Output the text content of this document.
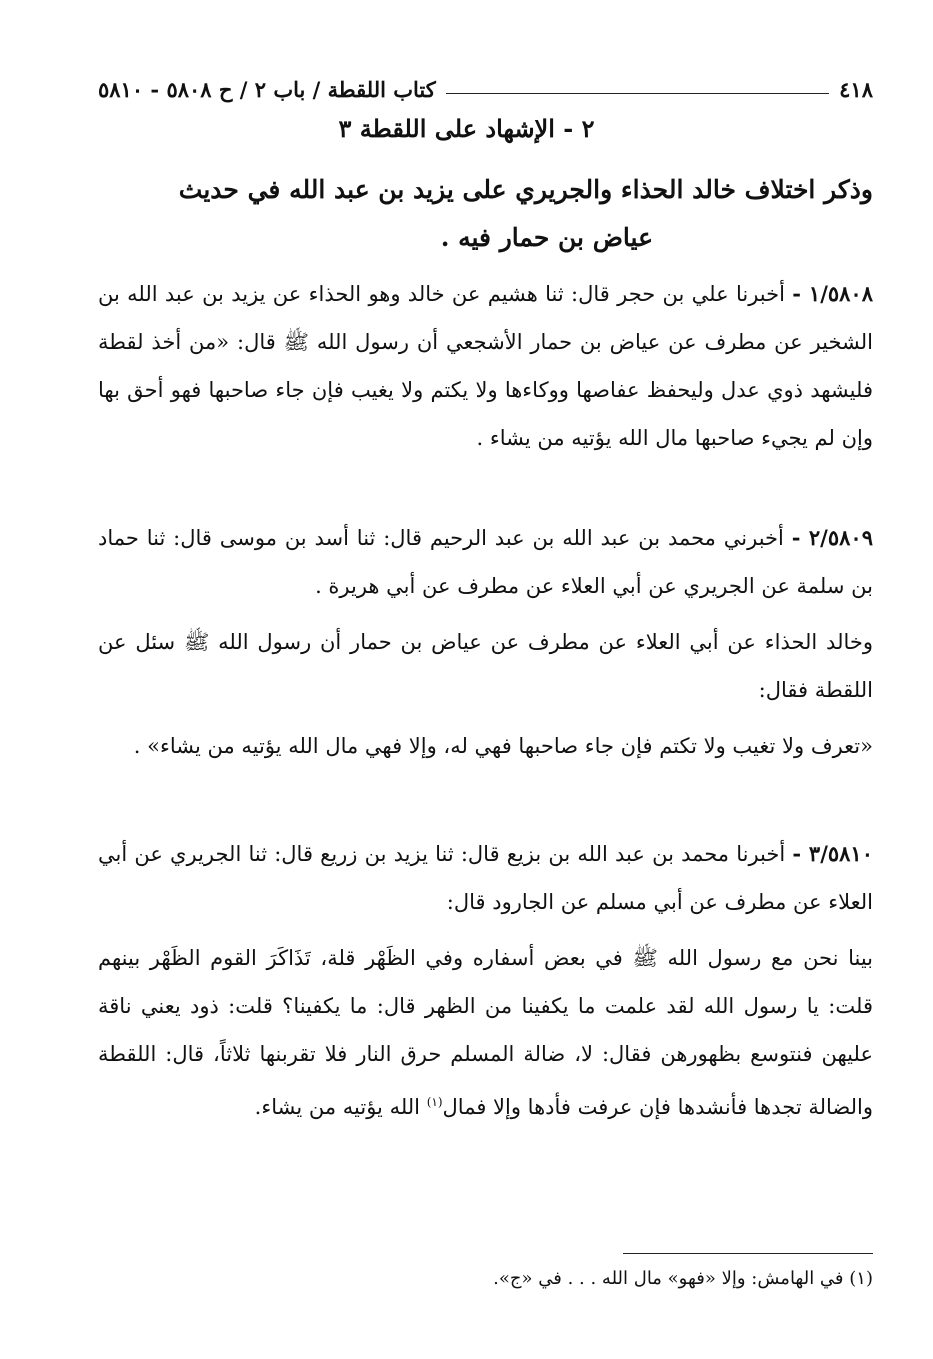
٤١٨
كتاب اللقطة / باب ٢ / ح ٥٨٠٨ - ٥٨١٠
٢ - الإشهاد على اللقطة ٣
وذكر اختلاف خالد الحذاء والجريري على يزيد بن عبد الله في حديث
عياض بن حمار فيه .
١/٥٨٠٨ - أخبرنا علي بن حجر قال: ثنا هشيم عن خالد وهو الحذاء عن يزيد بن عبد الله بن الشخير عن مطرف عن عياض بن حمار الأشجعي أن رسول الله ﷺ قال: «من أخذ لقطة فليشهد ذوي عدل وليحفظ عفاصها ووكاءها ولا يكتم ولا يغيب فإن جاء صاحبها فهو أحق بها وإن لم يجيء صاحبها مال الله يؤتيه من يشاء .
٢/٥٨٠٩ - أخبرني محمد بن عبد الله بن عبد الرحيم قال: ثنا أسد بن موسى قال: ثنا حماد بن سلمة عن الجريري عن أبي العلاء عن مطرف عن أبي هريرة .
وخالد الحذاء عن أبي العلاء عن مطرف عن عياض بن حمار أن رسول الله ﷺ سئل عن اللقطة فقال:
«تعرف ولا تغيب ولا تكتم فإن جاء صاحبها فهي له، وإلا فهي مال الله يؤتيه من يشاء» .
٣/٥٨١٠ - أخبرنا محمد بن عبد الله بن بزيع قال: ثنا يزيد بن زريع قال: ثنا الجريري عن أبي العلاء عن مطرف عن أبي مسلم عن الجارود قال:
بينا نحن مع رسول الله ﷺ في بعض أسفاره وفي الظَهْر قلة، تَذَاكَرَ القوم الظَهْر بينهم قلت: يا رسول الله لقد علمت ما يكفينا من الظهر قال: ما يكفينا؟ قلت: ذود يعني ناقة عليهن فنتوسع بظهورهن فقال: لا، ضالة المسلم حرق النار فلا تقربنها ثلاثاً، قال: اللقطة والضالة تجدها فأنشدها فإن عرفت فأدها وإلا فمال$^{(١)}$ الله يؤتيه من يشاء.
(١) في الهامش: وإلا «فهو» مال الله . . . في «ج».
